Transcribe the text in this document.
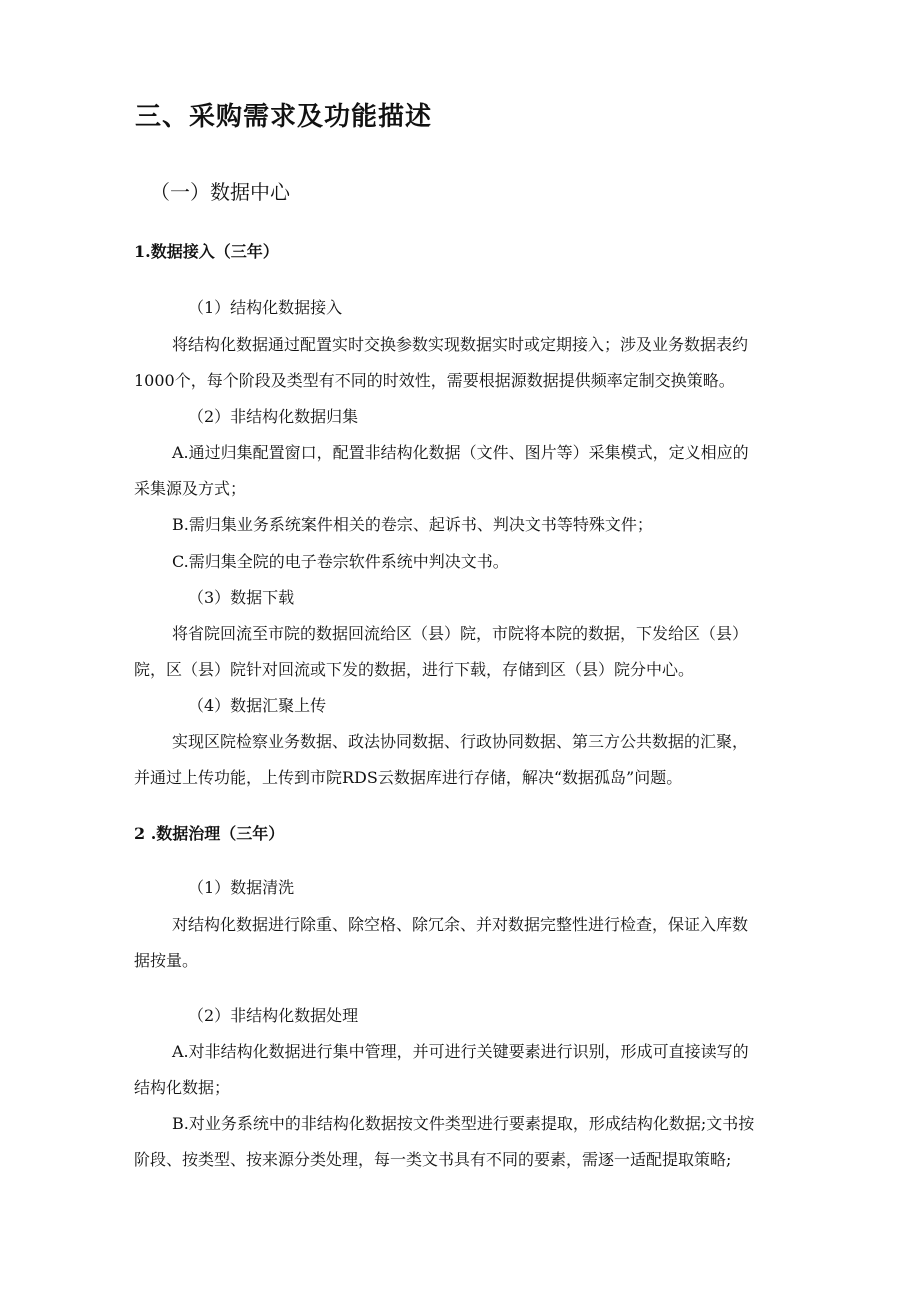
三、采购需求及功能描述
（一）数据中心
1.数据接入（三年）
（1）结构化数据接入
将结构化数据通过配置实时交换参数实现数据实时或定期接入；涉及业务数据表约
1000个，每个阶段及类型有不同的时效性，需要根据源数据提供频率定制交换策略。
（2）非结构化数据归集
A.通过归集配置窗口，配置非结构化数据（文件、图片等）采集模式，定义相应的
采集源及方式；
B.需归集业务系统案件相关的卷宗、起诉书、判决文书等特殊文件；
C.需归集全院的电子卷宗软件系统中判决文书。
（3）数据下载
将省院回流至市院的数据回流给区（县）院，市院将本院的数据，下发给区（县）
院，区（县）院针对回流或下发的数据，进行下载，存储到区（县）院分中心。
（4）数据汇聚上传
实现区院检察业务数据、政法协同数据、行政协同数据、第三方公共数据的汇聚，
并通过上传功能，上传到市院RDS云数据库进行存储，解决“数据孤岛”问题。
2 .数据治理（三年）
（1）数据清洗
对结构化数据进行除重、除空格、除冗余、并对数据完整性进行检查，保证入库数
据按量。
（2）非结构化数据处理
A.对非结构化数据进行集中管理，并可进行关键要素进行识别，形成可直接读写的
结构化数据；
B.对业务系统中的非结构化数据按文件类型进行要素提取，形成结构化数据;文书按
阶段、按类型、按来源分类处理，每一类文书具有不同的要素，需逐一适配提取策略;
